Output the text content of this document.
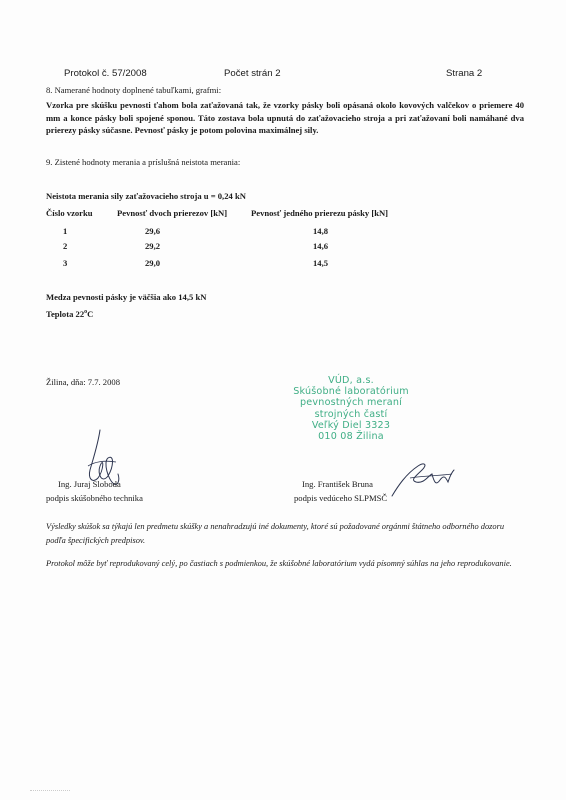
Protokol č. 57/2008	Počet strán 2	Strana 2
8. Namerané hodnoty doplnené tabuľkami, grafmi:
Vzorka pre skúšku pevnosti ťahom bola zaťažovaná tak, že vzorky pásky boli opásaná okolo kovových valčekov o priemere 40 mm a konce pásky boli spojené sponou. Táto zostava bola upnutá do zaťažovacieho stroja a pri zaťažovaní boli namáhané dva prierezy pásky súčasne. Pevnosť pásky je potom polovina maximálnej sily.
9. Zistené hodnoty merania a príslušná neistota merania:
Neistota merania sily zaťažovacieho stroja u = 0,24 kN
Číslo vzorku	Pevnosť dvoch prierezov [kN]	Pevnosť jedného prierezu pásky [kN]
1	29,6	14,8
2	29,2	14,6
3	29,0	14,5
Medza pevnosti pásky je väčšia ako 14,5 kN
Teplota 22$^o$C
Žilina, dňa: 7.7. 2008	VÚD, a.s.
Skúšobné laboratórium
pevnostných meraní
strojných častí
Veľký Diel 3323
010 08 Žilina
Ing. Juraj Sloboda
podpis skúšobného technika
Ing. František Bruna
podpis vedúceho SLPMSČ
Výsledky skúšok sa týkajú len predmetu skúšky a nenahradzujú iné dokumenty, ktoré sú požadované orgánmi štátneho odborného dozoru podľa špecifických predpisov.
Protokol môže byť reprodukovaný celý, po častiach s podmienkou, že skúšobné laboratórium vydá písomný súhlas na jeho reprodukovanie.
